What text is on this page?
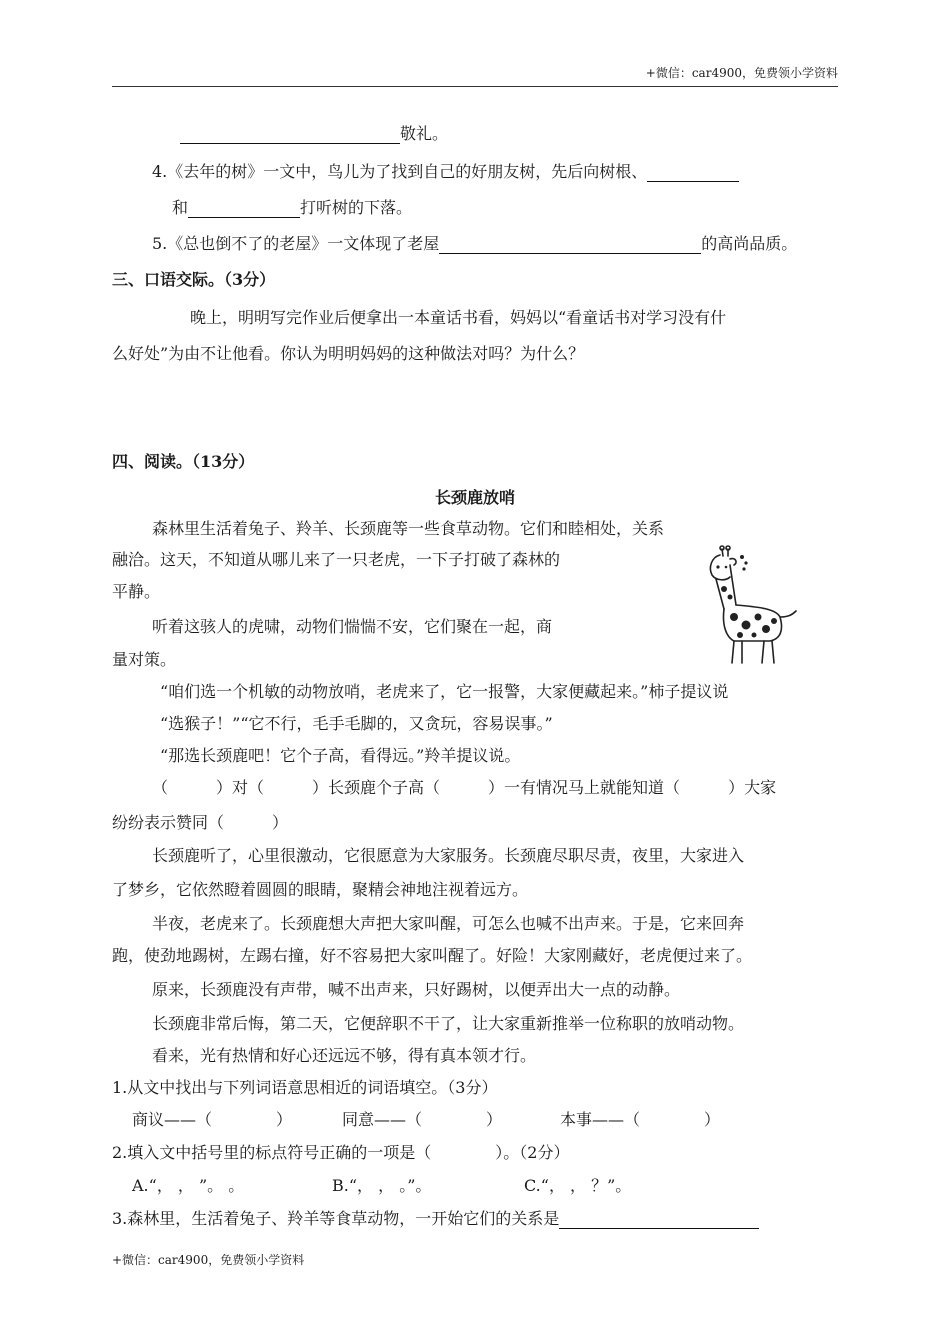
+微信：car4900，免费领小学资料
敬礼。
4.《去年的树》一文中，鸟儿为了找到自己的好朋友树，先后向树根、
和	打听树的下落。
5.《总也倒不了的老屋》一文体现了老屋	的高尚品质。
三、口语交际。（3分）
晚上，明明写完作业后便拿出一本童话书看，妈妈以“看童话书对学习没有什
么好处”为由不让他看。你认为明明妈妈的这种做法对吗？为什么？
四、阅读。（13分）
长颈鹿放哨
森林里生活着兔子、羚羊、长颈鹿等一些食草动物。它们和睦相处，关系
融洽。这天，不知道从哪儿来了一只老虎，一下子打破了森林的
平静。
听着这骇人的虎啸，动物们惴惴不安，它们聚在一起，商
量对策。
“咱们选一个机敏的动物放哨，老虎来了，它一报警，大家便藏起来。”柿子提议说
“选猴子！”“它不行，毛手毛脚的，又贪玩，容易误事。”
“那选长颈鹿吧！它个子高，看得远。”羚羊提议说。
（	）对（	）长颈鹿个子高（	）一有情况马上就能知道（	）大家
纷纷表示赞同（	）
长颈鹿听了，心里很激动，它很愿意为大家服务。长颈鹿尽职尽责，夜里，大家进入
了梦乡，它依然瞪着圆圆的眼睛，聚精会神地注视着远方。
半夜，老虎来了。长颈鹿想大声把大家叫醒，可怎么也喊不出声来。于是，它来回奔
跑，使劲地踢树，左踢右撞，好不容易把大家叫醒了。好险！大家刚藏好，老虎便过来了。
原来，长颈鹿没有声带，喊不出声来，只好踢树，以便弄出大一点的动静。
长颈鹿非常后悔，第二天，它便辞职不干了，让大家重新推举一位称职的放哨动物。
看来，光有热情和好心还远远不够，得有真本领才行。
1.从文中找出与下列词语意思相近的词语填空。（3分）
商议——（	）	同意——（	）	本事——（	）
2.填入文中括号里的标点符号正确的一项是（	）。（2分）
A.“， ， ”。 。	B.“， ， 。”。	C.“， ， ？”。
3.森林里，生活着兔子、羚羊等食草动物，一开始它们的关系是
+微信：car4900，免费领小学资料
